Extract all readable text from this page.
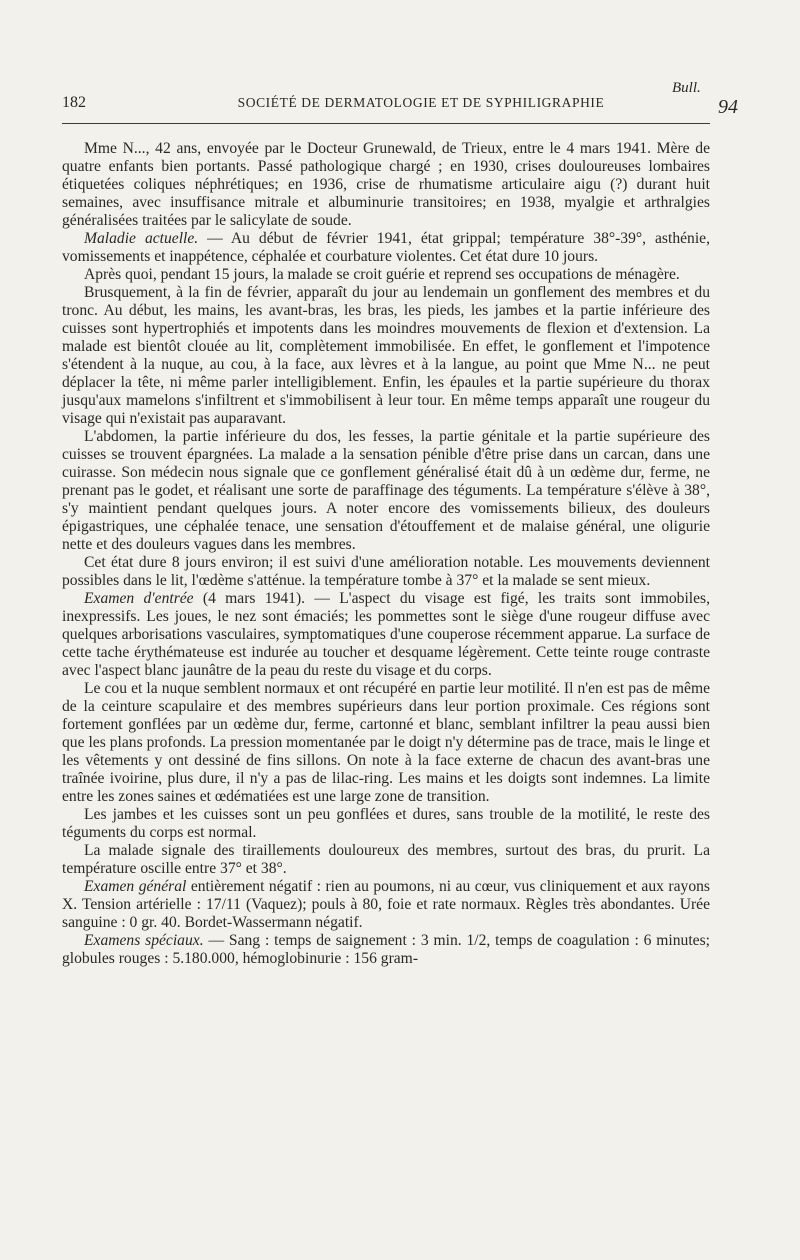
Bull.
182	SOCIÉTÉ DE DERMATOLOGIE ET DE SYPHILIGRAPHIE	94

Mme N..., 42 ans, envoyée par le Docteur Grunewald, de Trieux, entre le 4 mars 1941. Mère de quatre enfants bien portants. Passé pathologique chargé ; en 1930, crises douloureuses lombaires étiquetées coliques néphrétiques; en 1936, crise de rhumatisme articulaire aigu (?) durant huit semaines, avec insuffisance mitrale et albuminurie transitoires; en 1938, myalgie et arthralgies généralisées traitées par le salicylate de soude.

Maladie actuelle. — Au début de février 1941, état grippal; température 38°-39°, asthénie, vomissements et inappétence, céphalée et courbature violentes. Cet état dure 10 jours.

Après quoi, pendant 15 jours, la malade se croit guérie et reprend ses occupations de ménagère.

Brusquement, à la fin de février, apparaît du jour au lendemain un gonflement des membres et du tronc. Au début, les mains, les avant-bras, les bras, les pieds, les jambes et la partie inférieure des cuisses sont hypertrophiés et impotents dans les moindres mouvements de flexion et d'extension. La malade est bientôt clouée au lit, complètement immobilisée. En effet, le gonflement et l'impotence s'étendent à la nuque, au cou, à la face, aux lèvres et à la langue, au point que Mme N... ne peut déplacer la tête, ni même parler intelligiblement. Enfin, les épaules et la partie supérieure du thorax jusqu'aux mamelons s'infiltrent et s'immobilisent à leur tour. En même temps apparaît une rougeur du visage qui n'existait pas auparavant.

L'abdomen, la partie inférieure du dos, les fesses, la partie génitale et la partie supérieure des cuisses se trouvent épargnées. La malade a la sensation pénible d'être prise dans un carcan, dans une cuirasse. Son médecin nous signale que ce gonflement généralisé était dû à un œdème dur, ferme, ne prenant pas le godet, et réalisant une sorte de paraffinage des téguments. La température s'élève à 38°, s'y maintient pendant quelques jours. A noter encore des vomissements bilieux, des douleurs épigastriques, une céphalée tenace, une sensation d'étouffement et de malaise général, une oligurie nette et des douleurs vagues dans les membres.

Cet état dure 8 jours environ; il est suivi d'une amélioration notable. Les mouvements deviennent possibles dans le lit, l'œdème s'atténue. la température tombe à 37° et la malade se sent mieux.

Examen d'entrée (4 mars 1941). — L'aspect du visage est figé, les traits sont immobiles, inexpressifs. Les joues, le nez sont émaciés; les pommettes sont le siège d'une rougeur diffuse avec quelques arborisations vasculaires, symptomatiques d'une couperose récemment apparue. La surface de cette tache érythémateuse est indurée au toucher et desquame légèrement. Cette teinte rouge contraste avec l'aspect blanc jaunâtre de la peau du reste du visage et du corps.

Le cou et la nuque semblent normaux et ont récupéré en partie leur motilité. Il n'en est pas de même de la ceinture scapulaire et des membres supérieurs dans leur portion proximale. Ces régions sont fortement gonflées par un œdème dur, ferme, cartonné et blanc, semblant infiltrer la peau aussi bien que les plans profonds. La pression momentanée par le doigt n'y détermine pas de trace, mais le linge et les vêtements y ont dessiné de fins sillons. On note à la face externe de chacun des avant-bras une traînée ivoirine, plus dure, il n'y a pas de lilac-ring. Les mains et les doigts sont indemnes. La limite entre les zones saines et œdématiées est une large zone de transition.

Les jambes et les cuisses sont un peu gonflées et dures, sans trouble de la motilité, le reste des téguments du corps est normal.

La malade signale des tiraillements douloureux des membres, surtout des bras, du prurit. La température oscille entre 37° et 38°.

Examen général entièrement négatif : rien au poumons, ni au cœur, vus cliniquement et aux rayons X. Tension artérielle : 17/11 (Vaquez); pouls à 80, foie et rate normaux. Règles très abondantes. Urée sanguine : 0 gr. 40. Bordet-Wassermann négatif.

Examens spéciaux. — Sang : temps de saignement : 3 min. 1/2, temps de coagulation : 6 minutes; globules rouges : 5.180.000, hémoglobinurie : 156 gram-
